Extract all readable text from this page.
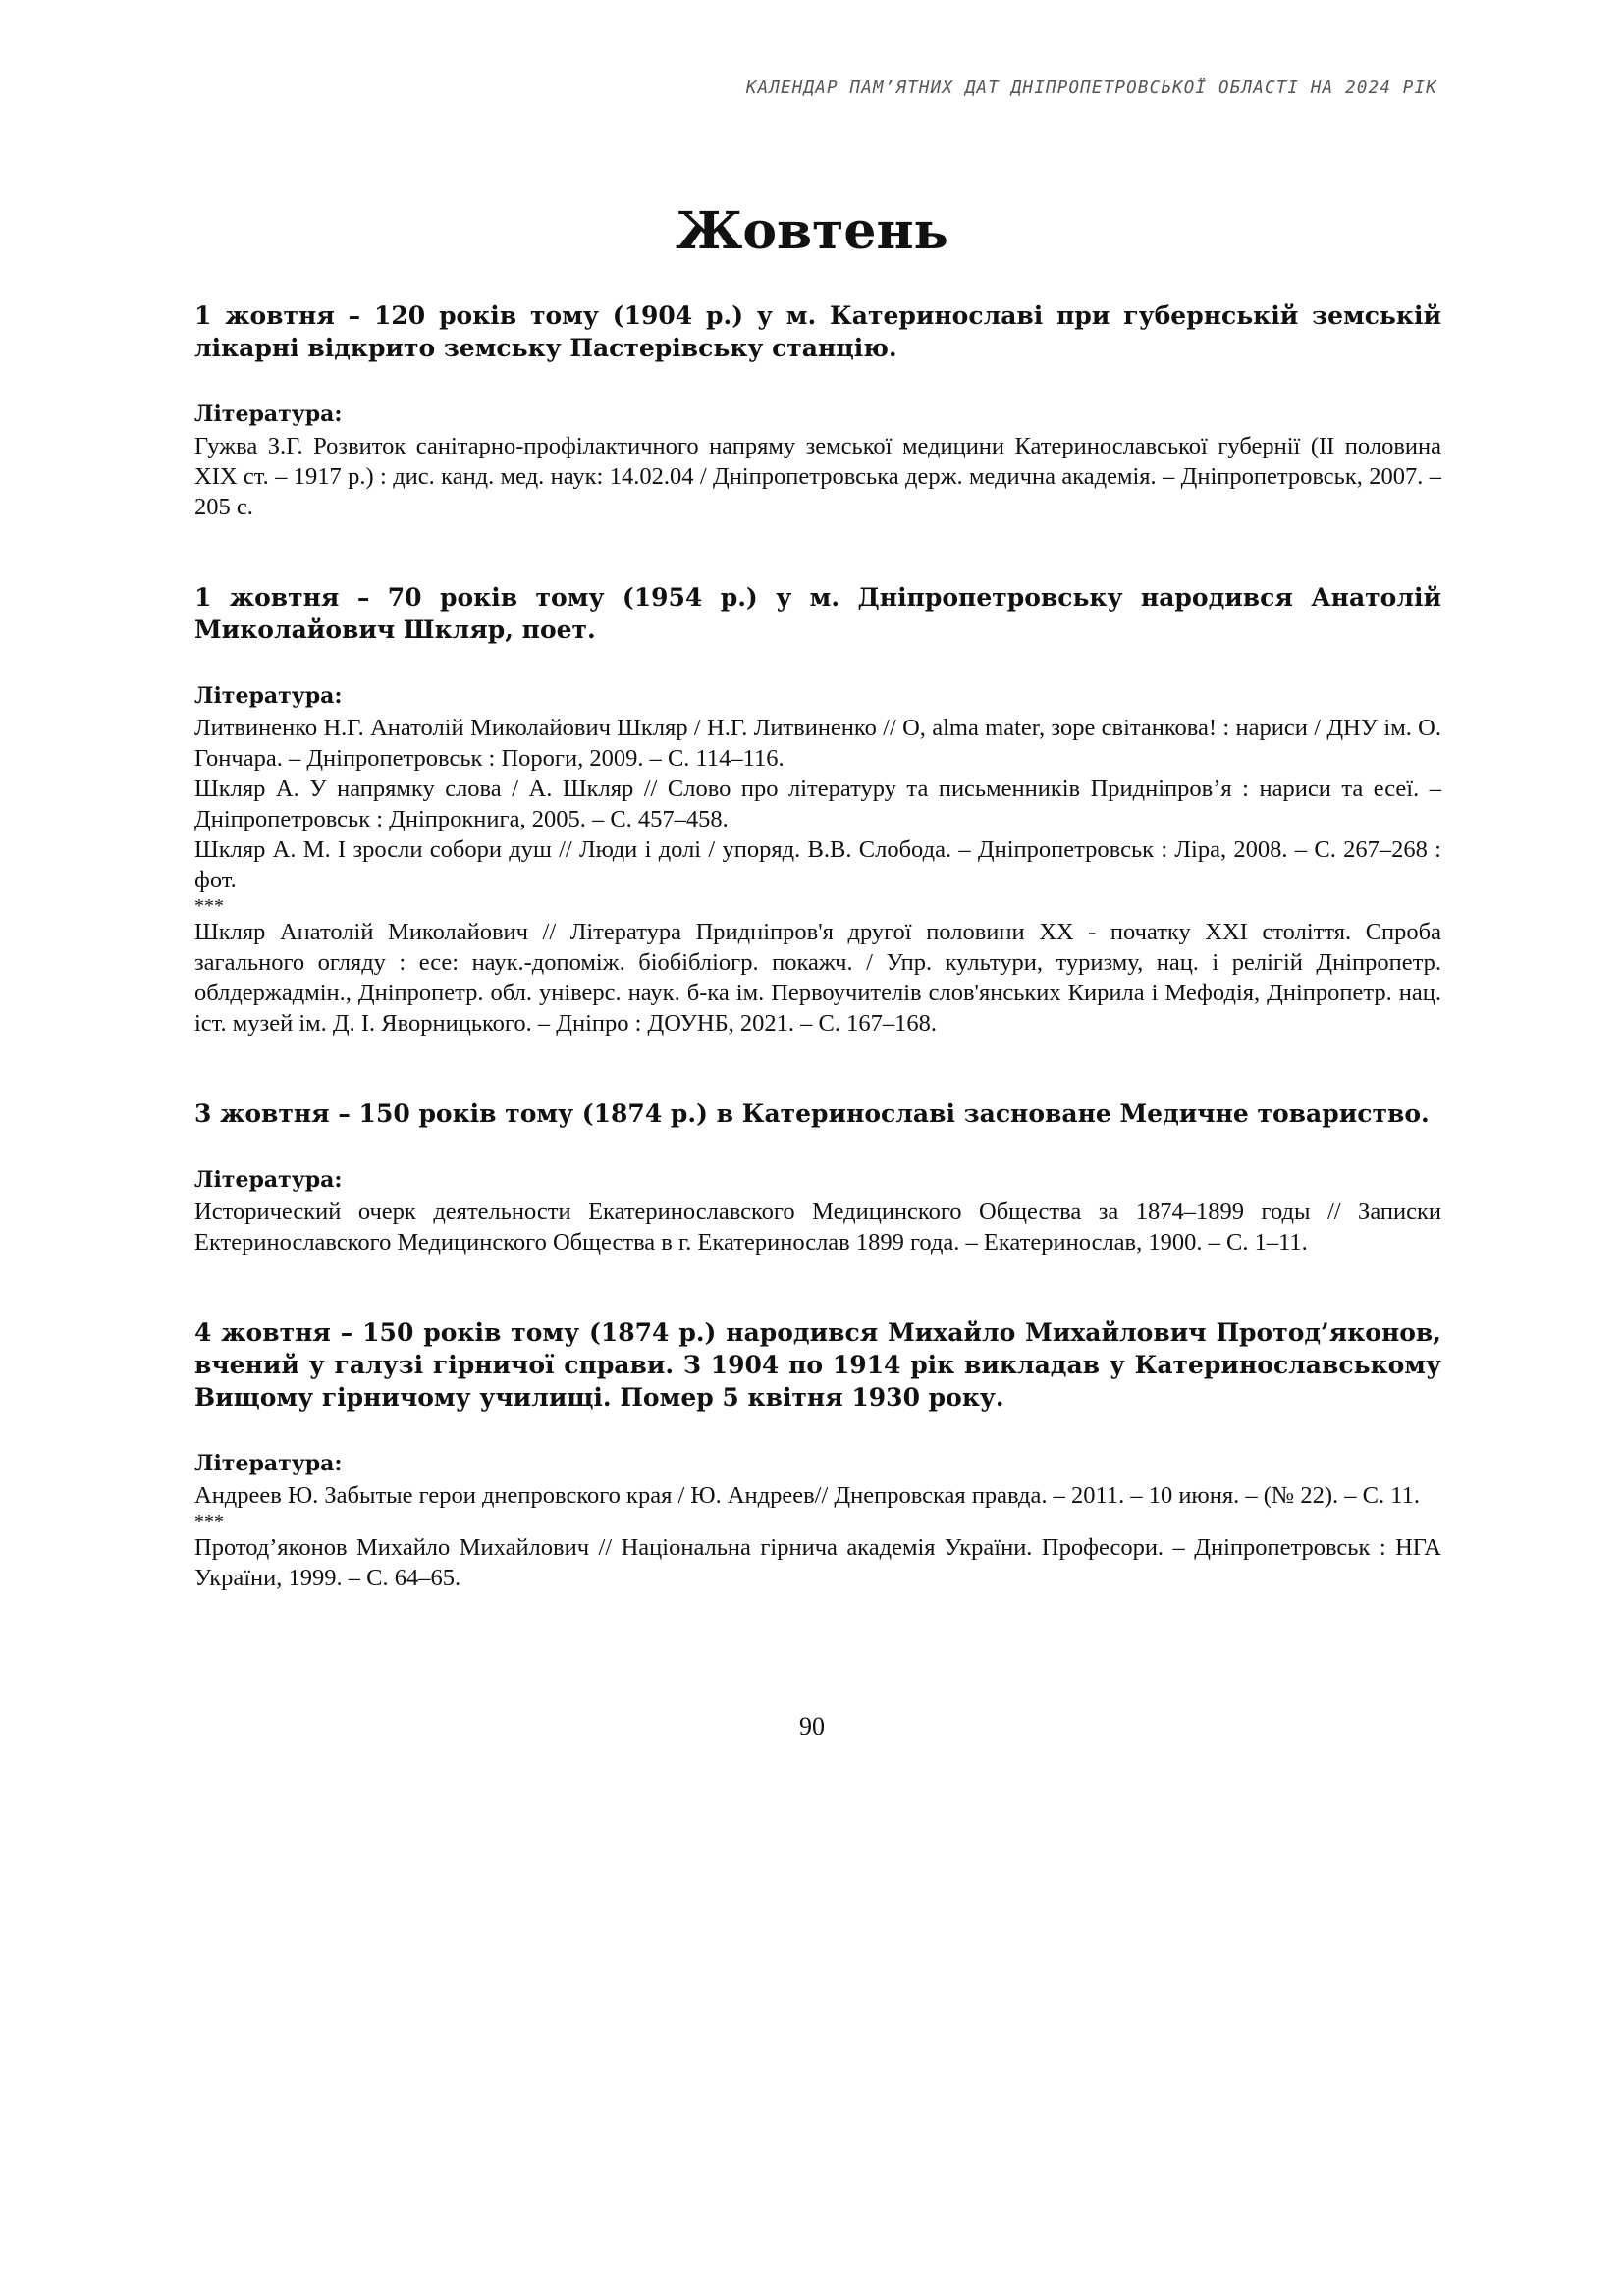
КАЛЕНДАР ПАМ’ЯТНИХ ДАТ ДНІПРОПЕТРОВСЬКОЇ ОБЛАСТІ НА 2024 РІК
Жовтень

1 жовтня – 120 років тому (1904 р.) у м. Катеринославі при губернській земській лікарні відкрито земську Пастерівську станцію.

Література:

Гужва З.Г. Розвиток санітарно-профілактичного напряму земської медицини Катеринославської губернії (II половина ХІХ ст. – 1917 р.) : дис. канд. мед. наук: 14.02.04 / Дніпропетровська держ. медична академія. – Дніпропетровськ, 2007. – 205 с.

1 жовтня – 70 років тому (1954 р.) у м. Дніпропетровську народився Анатолій Миколайович Шкляр, поет.

Література:

Литвиненко Н.Г. Анатолій Миколайович Шкляр / Н.Г. Литвиненко // О, alma mater, зоре світанкова! : нариси / ДНУ ім. О. Гончара. – Дніпропетровськ : Пороги, 2009. – С. 114–116.

Шкляр А. У напрямку слова / А. Шкляр // Слово про літературу та письменників Придніпров’я : нариси та есеї. – Дніпропетровськ : Дніпрокнига, 2005. – С. 457–458.

Шкляр А. М. І зросли собори душ // Люди і долі / упоряд. В.В. Слобода. – Дніпропетровськ : Ліра, 2008. – С. 267–268 : фот.

***

Шкляр Анатолій Миколайович // Література Придніпров'я другої половини XX - початку XXI століття. Спроба загального огляду : есе: наук.-допоміж. біобібліогр. покажч. / Упр. культури, туризму, нац. і релігій Дніпропетр. облдержадмін., Дніпропетр. обл. універс. наук. б-ка ім. Первоучителів слов'янських Кирила і Мефодія, Дніпропетр. нац. іст. музей ім. Д. І. Яворницького. – Дніпро : ДОУНБ, 2021. – С. 167–168.

3 жовтня – 150 років тому (1874 р.) в Катеринославі засноване Медичне товариство.

Література:

Исторический очерк деятельности Екатеринославского Медицинского Общества за 1874–1899 годы // Записки Ектеринославского Медицинского Общества в г. Екатеринослав 1899 года. – Екатеринослав, 1900. – С. 1–11.

4 жовтня – 150 років тому (1874 р.) народився Михайло Михайлович Протод’яконов, вчений у галузі гірничої справи. З 1904 по 1914 рік викладав у Катеринославському Вищому гірничому училищі. Помер 5 квітня 1930 року.

Література:

Андреев Ю. Забытые герои днепровского края / Ю. Андреев// Днепровская правда. – 2011. – 10 июня. – (№ 22). – С. 11.

***

Протод’яконов Михайло Михайлович // Національна гірнича академія України. Професори. – Дніпропетровськ : НГА України, 1999. – С. 64–65.

90
